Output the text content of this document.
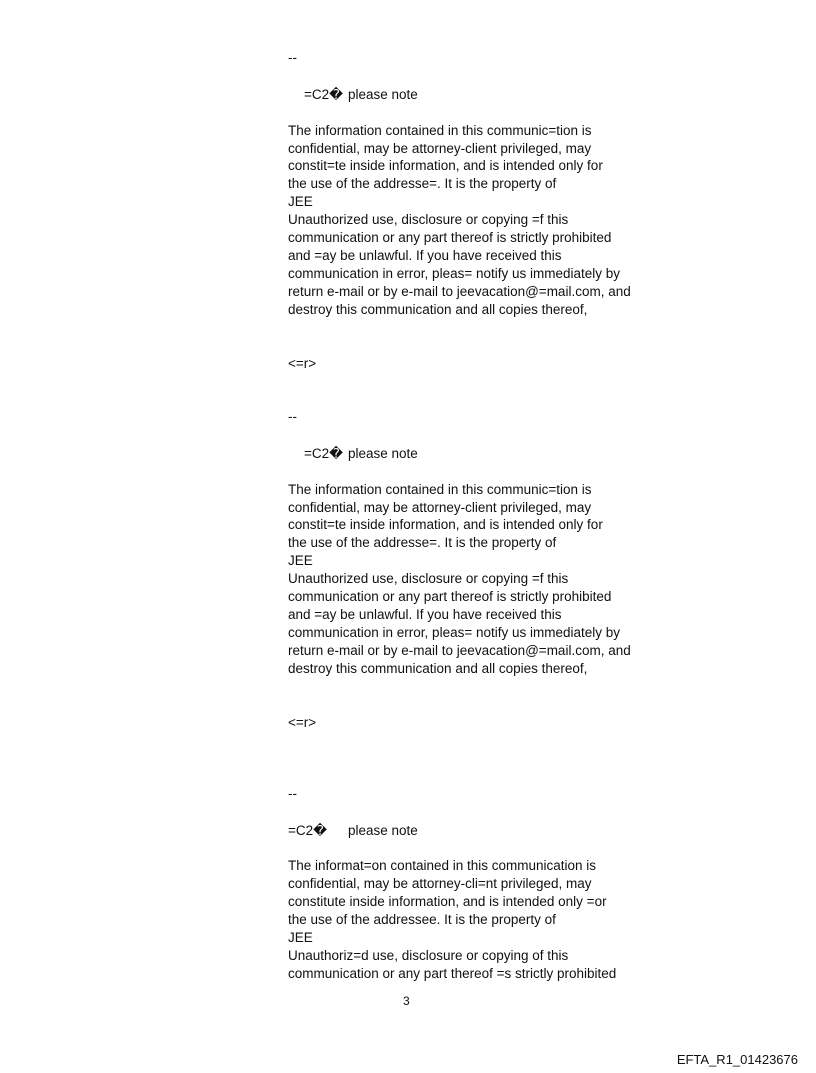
--
=C2� please note
The information contained in this communic=tion is
confidential, may be attorney-client privileged, may
constit=te inside information, and is intended only for
the use of the addresse=. It is the property of
JEE
Unauthorized use, disclosure or copying =f this
communication or any part thereof is strictly prohibited
and =ay be unlawful. If you have received this
communication in error, pleas= notify us immediately by
return e-mail or by e-mail to jeevacation@=mail.com, and
destroy this communication and all copies thereof,
<=r>
--
=C2� please note
The information contained in this communic=tion is
confidential, may be attorney-client privileged, may
constit=te inside information, and is intended only for
the use of the addresse=. It is the property of
JEE
Unauthorized use, disclosure or copying =f this
communication or any part thereof is strictly prohibited
and =ay be unlawful. If you have received this
communication in error, pleas= notify us immediately by
return e-mail or by e-mail to jeevacation@=mail.com, and
destroy this communication and all copies thereof,
<=r>
--
=C2� please note
The informat=on contained in this communication is
confidential, may be attorney-cli=nt privileged, may
constitute inside information, and is intended only =or
the use of the addressee. It is the property of
JEE
Unauthoriz=d use, disclosure or copying of this
communication or any part thereof =s strictly prohibited
3
EFTA_R1_01423676
